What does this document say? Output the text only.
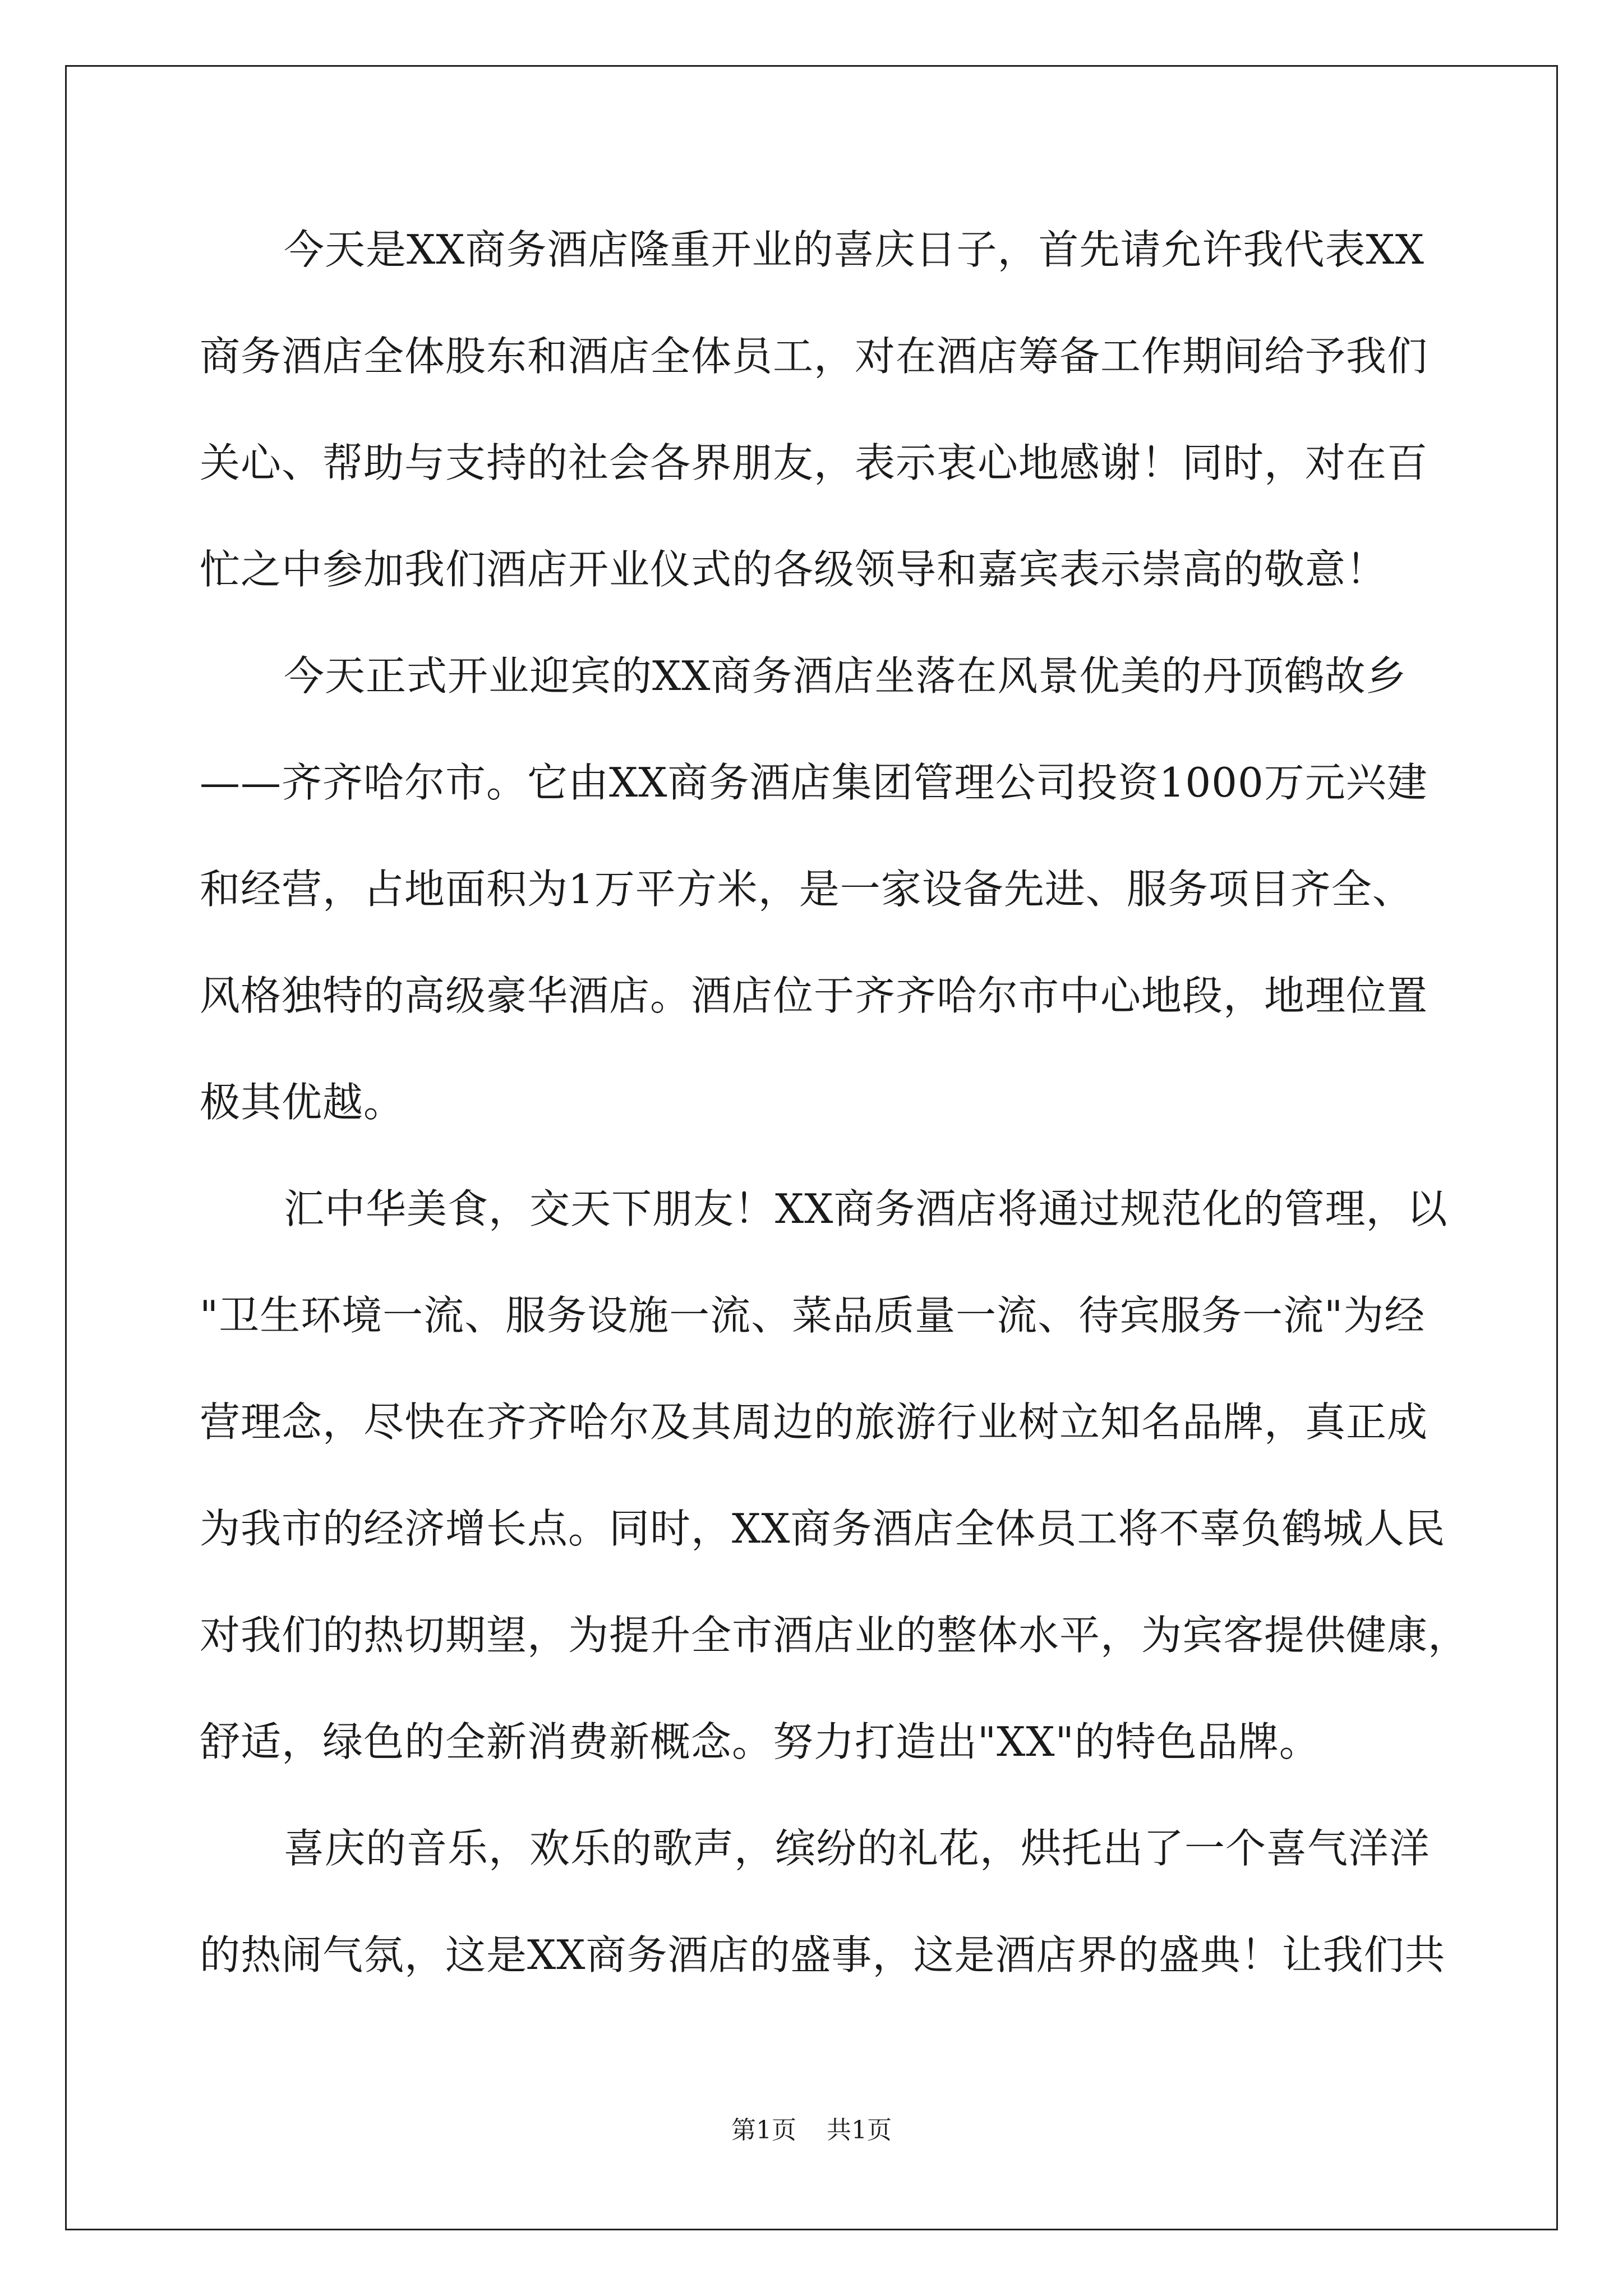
今天是XX商务酒店隆重开业的喜庆日子，首先请允许我代表XX
商务酒店全体股东和酒店全体员工，对在酒店筹备工作期间给予我们
关心、帮助与支持的社会各界朋友，表示衷心地感谢！同时，对在百
忙之中参加我们酒店开业仪式的各级领导和嘉宾表示崇高的敬意！
今天正式开业迎宾的XX商务酒店坐落在风景优美的丹顶鹤故乡
——齐齐哈尔市。它由XX商务酒店集团管理公司投资1000万元兴建
和经营，占地面积为1万平方米，是一家设备先进、服务项目齐全、
风格独特的高级豪华酒店。酒店位于齐齐哈尔市中心地段，地理位置
极其优越。
汇中华美食，交天下朋友！XX商务酒店将通过规范化的管理，以
"卫生环境一流、服务设施一流、菜品质量一流、待宾服务一流"为经
营理念，尽快在齐齐哈尔及其周边的旅游行业树立知名品牌，真正成
为我市的经济增长点。同时，XX商务酒店全体员工将不辜负鹤城人民
对我们的热切期望，为提升全市酒店业的整体水平，为宾客提供健康，
舒适，绿色的全新消费新概念。努力打造出"XX"的特色品牌。
喜庆的音乐，欢乐的歌声，缤纷的礼花，烘托出了一个喜气洋洋
的热闹气氛，这是XX商务酒店的盛事，这是酒店界的盛典！让我们共
第1页 共1页
